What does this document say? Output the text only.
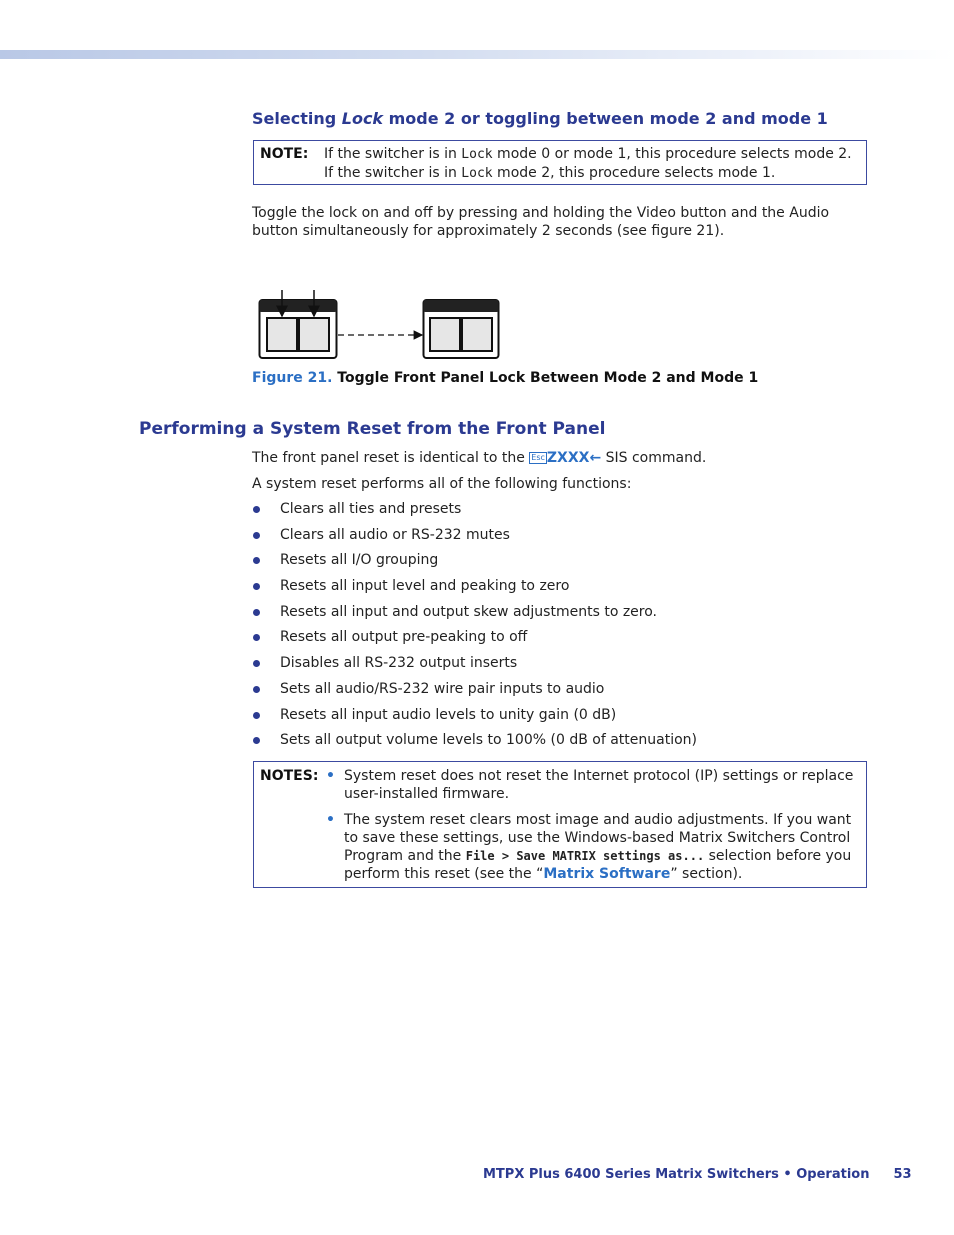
Selecting Lock mode 2 or toggling between mode 2 and mode 1
NOTE: If the switcher is in Lock mode 0 or mode 1, this procedure selects mode 2.
If the switcher is in Lock mode 2, this procedure selects mode 1.

Toggle the lock on and off by pressing and holding the Video button and the Audio button simultaneously for approximately 2 seconds (see figure 21).

Figure 21. Toggle Front Panel Lock Between Mode 2 and Mode 1

Performing a System Reset from the Front Panel

The front panel reset is identical to the Esc ZXXX← SIS command.

A system reset performs all of the following functions:

Clears all ties and presets
Clears all audio or RS-232 mutes
Resets all I/O grouping
Resets all input level and peaking to zero
Resets all input and output skew adjustments to zero.
Resets all output pre-peaking to off
Disables all RS-232 output inserts
Sets all audio/RS-232 wire pair inputs to audio
Resets all input audio levels to unity gain (0 dB)
Sets all output volume levels to 100% (0 dB of attenuation)
NOTES: • System reset does not reset the Internet protocol (IP) settings or replace user-installed firmware.
• The system reset clears most image and audio adjustments. If you want to save these settings, use the Windows-based Matrix Switchers Control Program and the File > Save MATRIX settings as... selection before you perform this reset (see the “Matrix Software” section).

MTPX Plus 6400 Series Matrix Switchers • Operation 53
